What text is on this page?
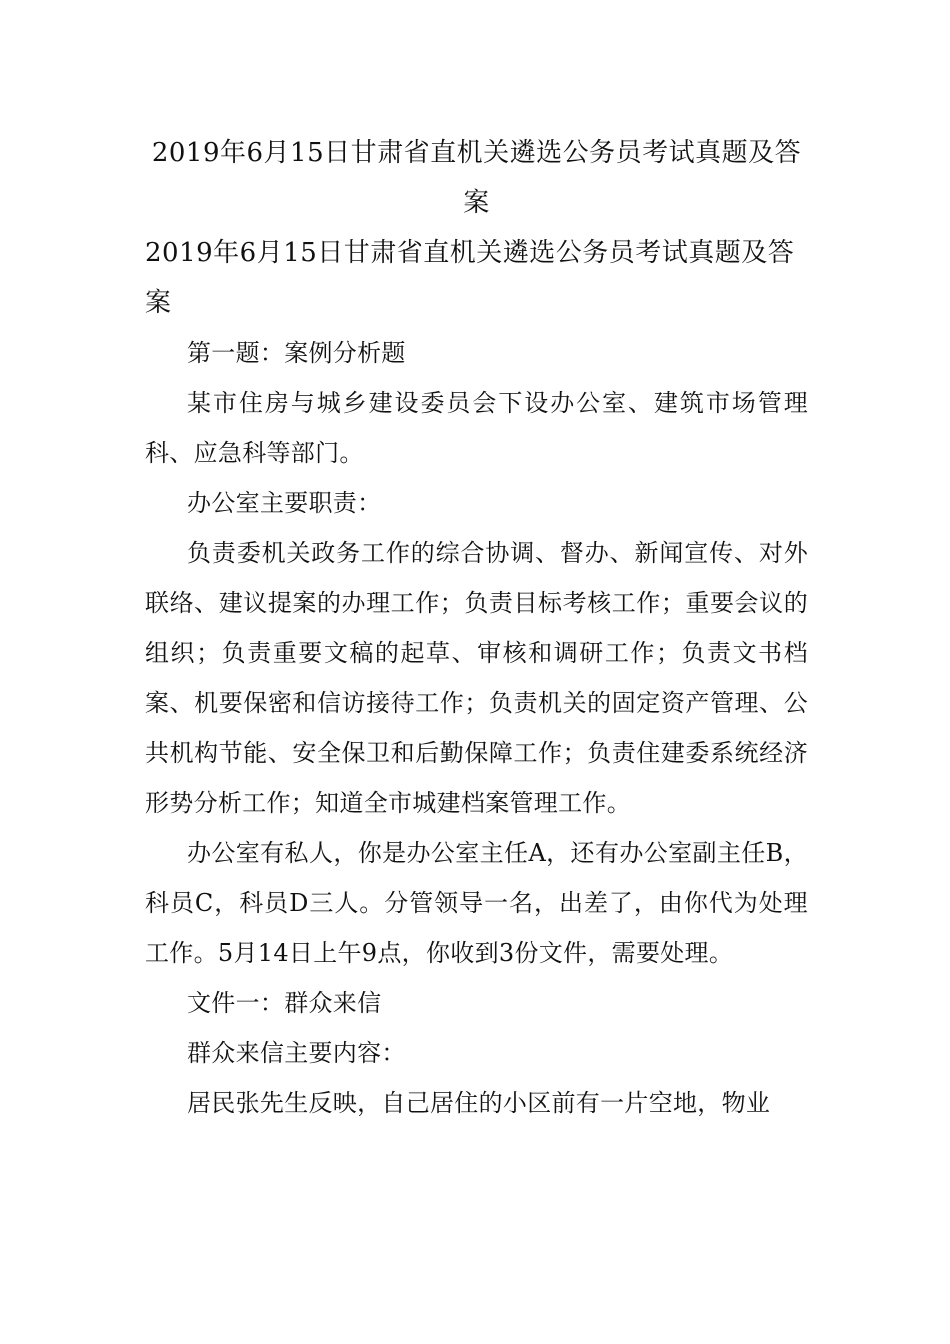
2019年6月15日甘肃省直机关遴选公务员考试真题及答案
2019年6月15日甘肃省直机关遴选公务员考试真题及答案

第一题：案例分析题

某市住房与城乡建设委员会下设办公室、建筑市场管理科、应急科等部门。

办公室主要职责：

负责委机关政务工作的综合协调、督办、新闻宣传、对外联络、建议提案的办理工作；负责目标考核工作；重要会议的组织；负责重要文稿的起草、审核和调研工作；负责文书档案、机要保密和信访接待工作；负责机关的固定资产管理、公共机构节能、安全保卫和后勤保障工作；负责住建委系统经济形势分析工作；知道全市城建档案管理工作。

办公室有私人，你是办公室主任A，还有办公室副主任B，科员C，科员D三人。分管领导一名，出差了，由你代为处理工作。5月14日上午9点，你收到3份文件，需要处理。

文件一：群众来信

群众来信主要内容：

居民张先生反映，自己居住的小区前有一片空地，物业
